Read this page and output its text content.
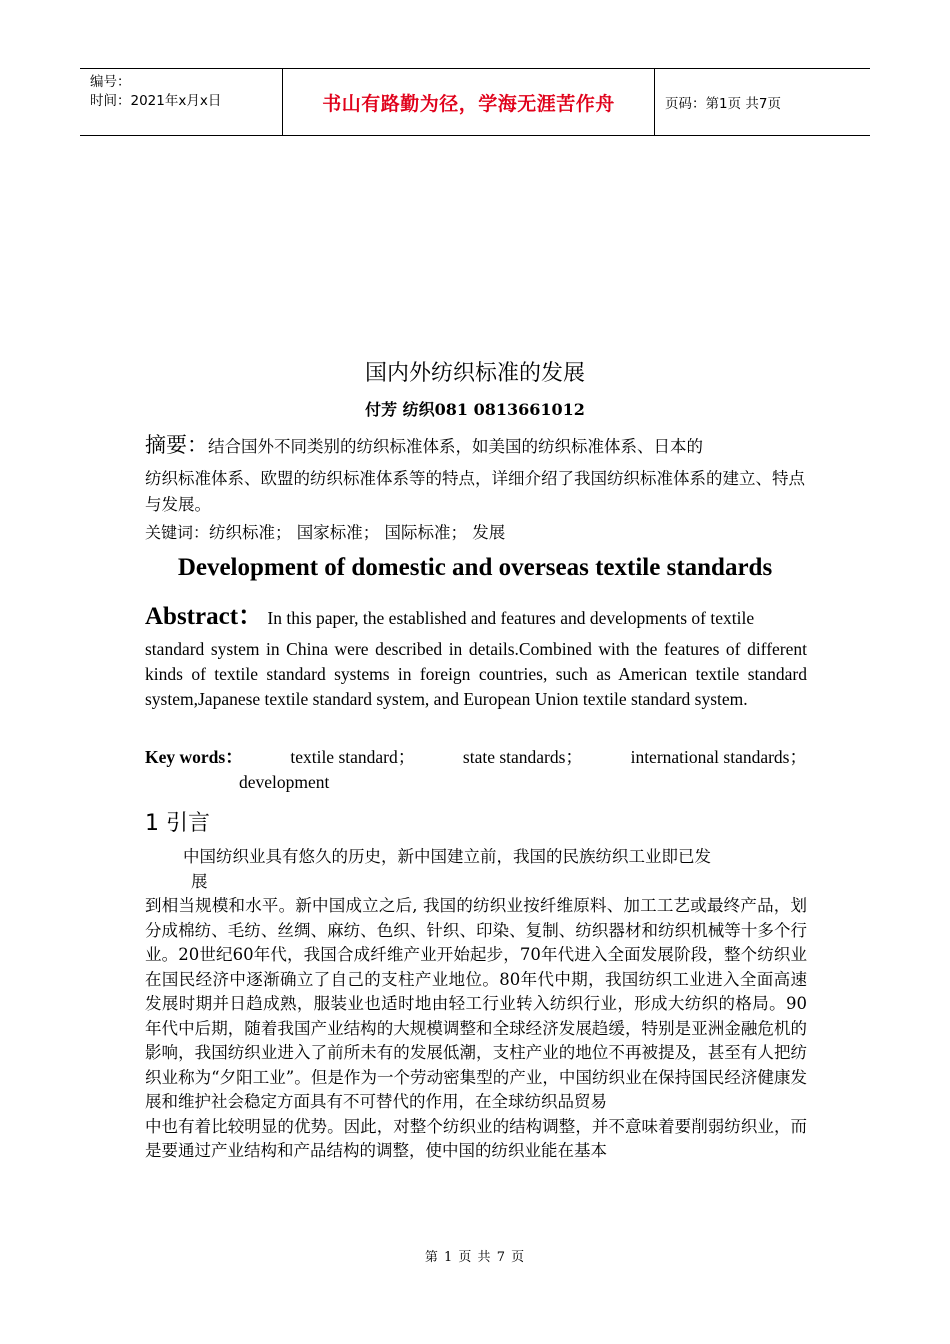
编号：
时间：2021年x月x日	书山有路勤为径，学海无涯苦作舟	页码：第1页 共7页
国内外纺织标准的发展
付芳 纺织081 0813661012
摘要：结合国外不同类别的纺织标准体系，如美国的纺织标准体系、日本的
纺织标准体系、欧盟的纺织标准体系等的特点，详细介绍了我国纺织标准体系的建立、特点与发展。
关键词：纺织标准； 国家标准； 国际标准； 发展
Development of domestic and overseas textile standards
Abstract： In this paper, the established and features and developments of textile
standard system in China were described in details.Combined with the features of different kinds of textile standard systems in foreign countries, such as American textile standard system,Japanese textile standard system, and European Union textile standard system.
Key words：	textile standard；	state standards；	international standards；
development
1 引言
中国纺织业具有悠久的历史，新中国建立前，我国的民族纺织工业即已发
展
到相当规模和水平。新中国成立之后, 我国的纺织业按纤维原料、加工工艺或最终产品，划分成棉纺、毛纺、丝绸、麻纺、色织、针织、印染、复制、纺织器材和纺织机械等十多个行业。20世纪60年代，我国合成纤维产业开始起步，70年代进入全面发展阶段，整个纺织业在国民经济中逐渐确立了自己的支柱产业地位。80年代中期，我国纺织工业进入全面高速发展时期并日趋成熟，服装业也适时地由轻工行业转入纺织行业，形成大纺织的格局。90年代中后期，随着我国产业结构的大规模调整和全球经济发展趋缓，特别是亚洲金融危机的影响，我国纺织业进入了前所未有的发展低潮，支柱产业的地位不再被提及，甚至有人把纺织业称为“夕阳工业”。但是作为一个劳动密集型的产业，中国纺织业在保持国民经济健康发展和维护社会稳定方面具有不可替代的作用，在全球纺织品贸易
中也有着比较明显的优势。因此，对整个纺织业的结构调整，并不意味着要削弱纺织业，而是要通过产业结构和产品结构的调整，使中国的纺织业能在基本
第 1 页 共 7 页
